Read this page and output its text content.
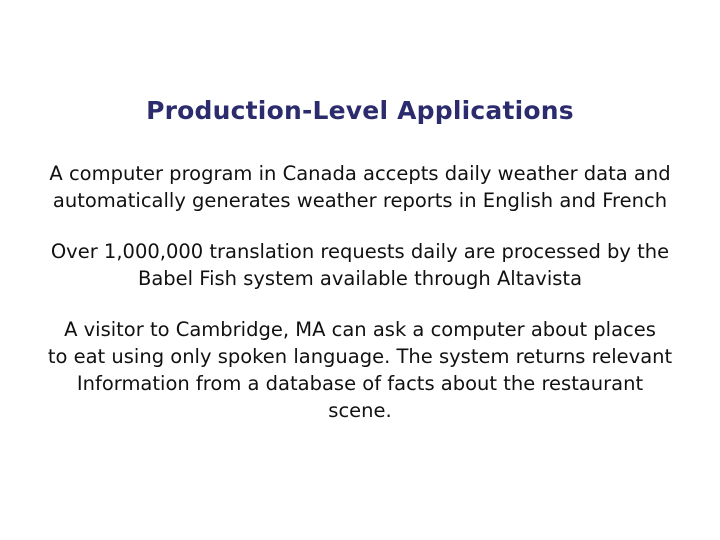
Production-Level Applications
A computer program in Canada accepts daily weather data and
automatically generates weather reports in English and French
Over 1,000,000 translation requests daily are processed by the
Babel Fish system available through Altavista
A visitor to Cambridge, MA can ask a computer about places
to eat using only spoken language. The system returns relevant
Information from a database of facts about the restaurant
scene.
